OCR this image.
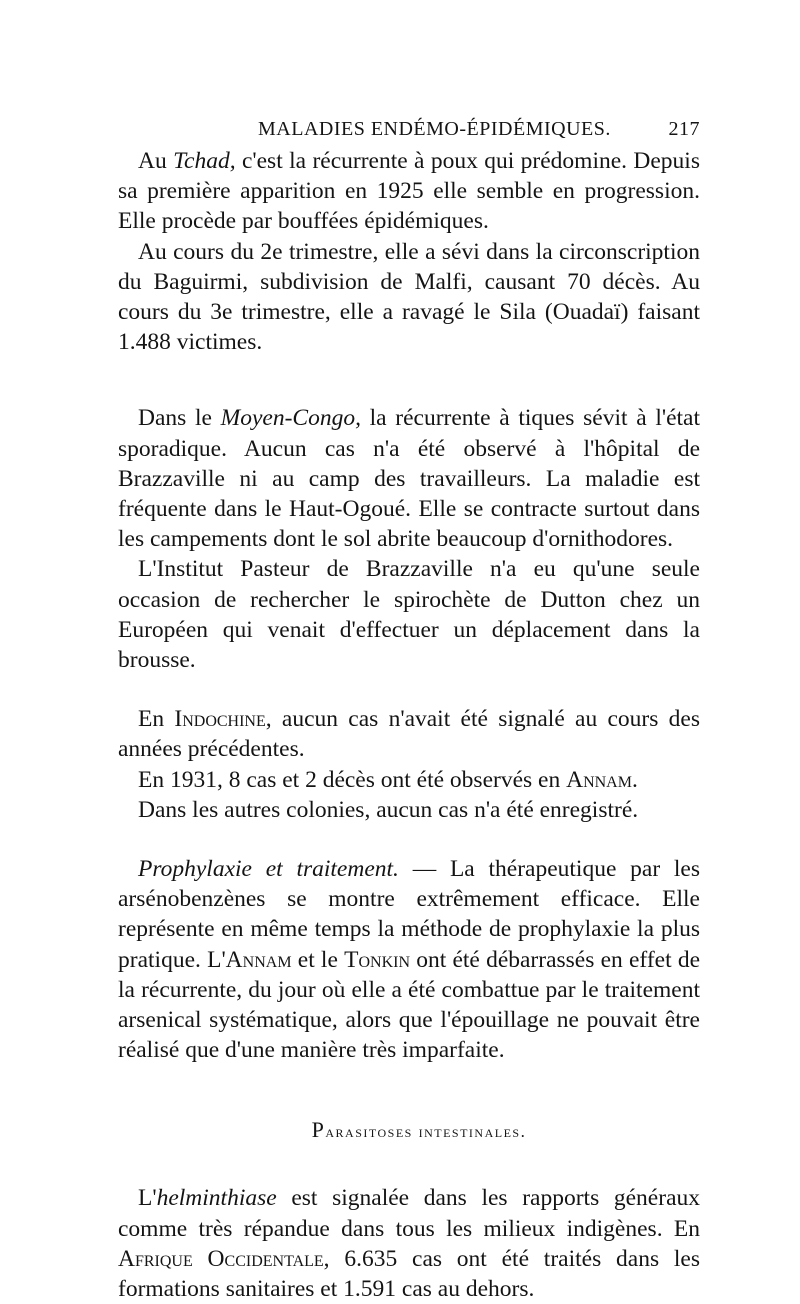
MALADIES ENDÉMO-ÉPIDÉMIQUES.	217

Au Tchad, c'est la récurrente à poux qui prédomine. Depuis sa première apparition en 1925 elle semble en progression. Elle procède par bouffées épidémiques.

Au cours du 2e trimestre, elle a sévi dans la circonscription du Baguirmi, subdivision de Malfi, causant 70 décès. Au cours du 3e trimestre, elle a ravagé le Sila (Ouadaï) faisant 1.488 victimes.

Dans le Moyen-Congo, la récurrente à tiques sévit à l'état sporadique. Aucun cas n'a été observé à l'hôpital de Brazzaville ni au camp des travailleurs. La maladie est fréquente dans le Haut-Ogoué. Elle se contracte surtout dans les campements dont le sol abrite beaucoup d'ornithodores.

L'Institut Pasteur de Brazzaville n'a eu qu'une seule occasion de rechercher le spirochète de Dutton chez un Européen qui venait d'effectuer un déplacement dans la brousse.

En Indochine, aucun cas n'avait été signalé au cours des années précédentes.

En 1931, 8 cas et 2 décès ont été observés en Annam.

Dans les autres colonies, aucun cas n'a été enregistré.

Prophylaxie et traitement. — La thérapeutique par les arsénobenzènes se montre extrêmement efficace. Elle représente en même temps la méthode de prophylaxie la plus pratique. L'Annam et le Tonkin ont été débarrassés en effet de la récurrente, du jour où elle a été combattue par le traitement arsenical systématique, alors que l'épouillage ne pouvait être réalisé que d'une manière très imparfaite.

Parasitoses intestinales.

L'helminthiase est signalée dans les rapports généraux comme très répandue dans tous les milieux indigènes. En Afrique Occidentale, 6.635 cas ont été traités dans les formations sanitaires et 1.591 cas au dehors.
